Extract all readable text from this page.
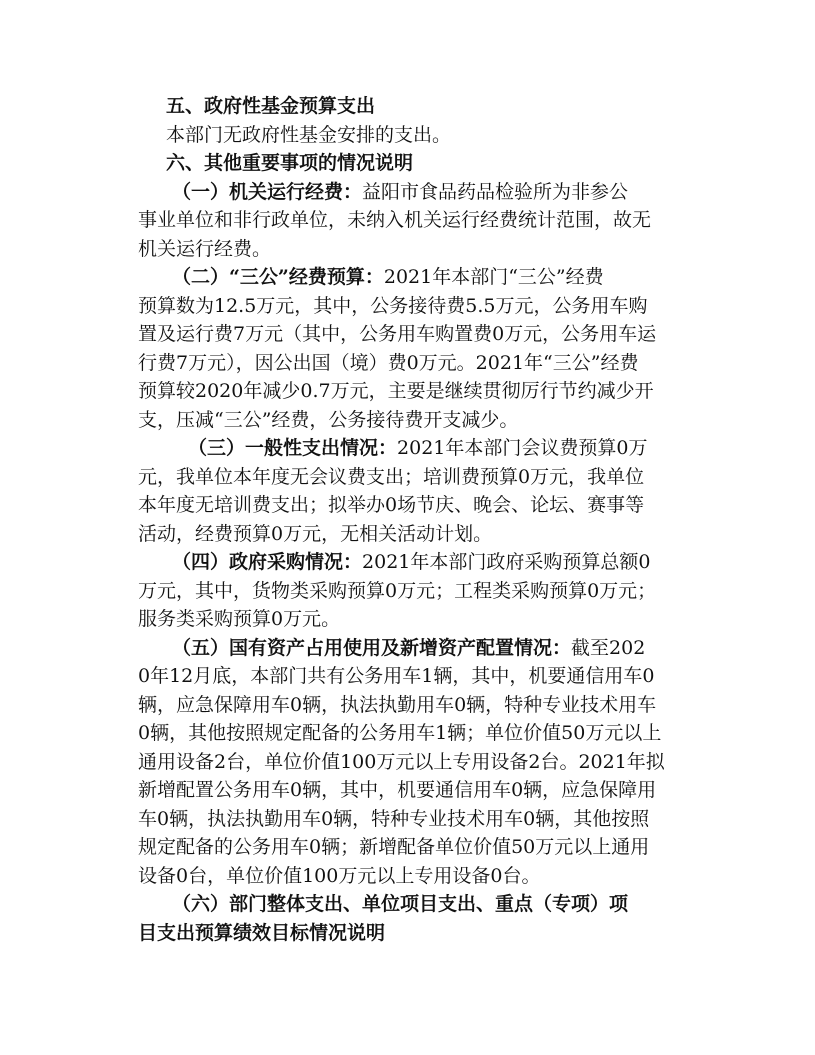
五、政府性基金预算支出
本部门无政府性基金安排的支出。
六、其他重要事项的情况说明
（一）机关运行经费：益阳市食品药品检验所为非参公
事业单位和非行政单位，未纳入机关运行经费统计范围，故无
机关运行经费。
（二）“三公”经费预算：2021年本部门“三公”经费
预算数为12.5万元，其中，公务接待费5.5万元，公务用车购
置及运行费7万元（其中，公务用车购置费0万元，公务用车运
行费7万元），因公出国（境）费0万元。2021年“三公”经费
预算较2020年减少0.7万元，主要是继续贯彻厉行节约减少开
支，压减“三公”经费，公务接待费开支减少。
（三）一般性支出情况：2021年本部门会议费预算0万
元，我单位本年度无会议费支出；培训费预算0万元，我单位
本年度无培训费支出；拟举办0场节庆、晚会、论坛、赛事等
活动，经费预算0万元，无相关活动计划。
（四）政府采购情况：2021年本部门政府采购预算总额0
万元，其中，货物类采购预算0万元；工程类采购预算0万元；
服务类采购预算0万元。
（五）国有资产占用使用及新增资产配置情况：截至202
0年12月底，本部门共有公务用车1辆，其中，机要通信用车0
辆，应急保障用车0辆，执法执勤用车0辆，特种专业技术用车
0辆，其他按照规定配备的公务用车1辆；单位价值50万元以上
通用设备2台，单位价值100万元以上专用设备2台。2021年拟
新增配置公务用车0辆，其中，机要通信用车0辆，应急保障用
车0辆，执法执勤用车0辆，特种专业技术用车0辆，其他按照
规定配备的公务用车0辆；新增配备单位价值50万元以上通用
设备0台，单位价值100万元以上专用设备0台。
（六）部门整体支出、单位项目支出、重点（专项）项
目支出预算绩效目标情况说明
